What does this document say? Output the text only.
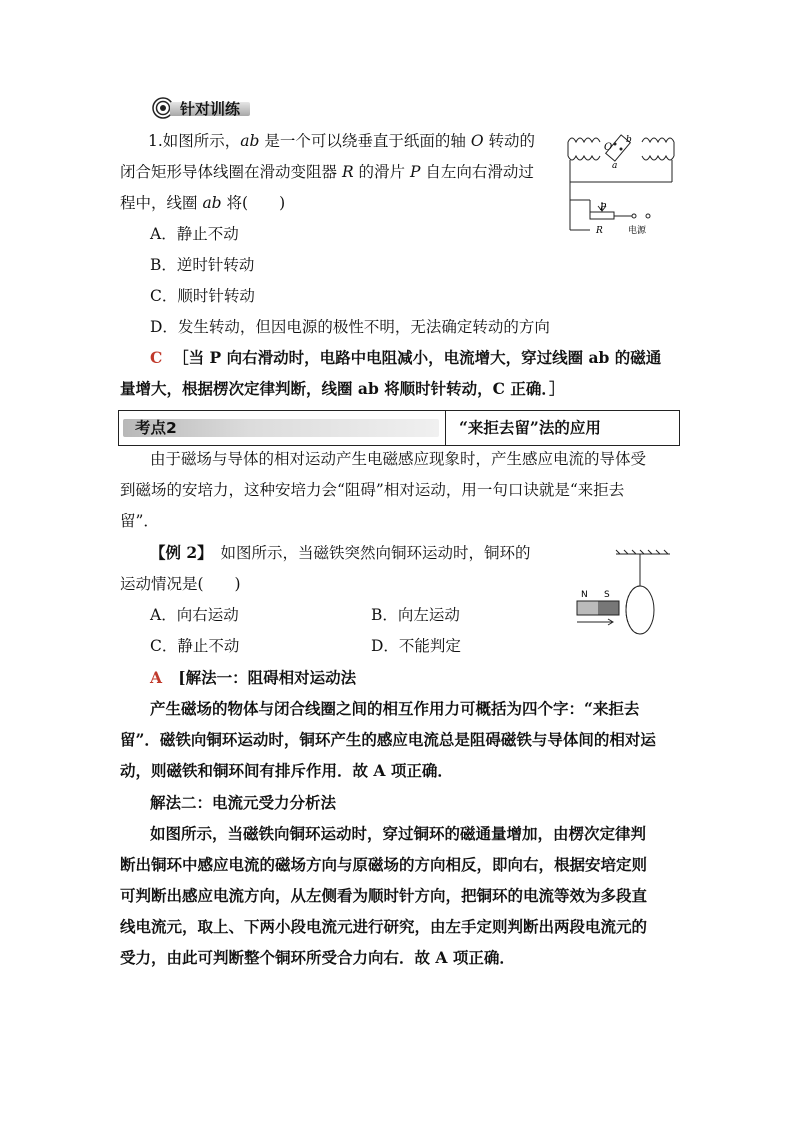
针对训练
1.如图所示，ab 是一个可以绕垂直于纸面的轴 O 转动的
闭合矩形导体线圈在滑动变阻器 R 的滑片 P 自左向右滑动过
程中，线圈 ab 将(　　)
O
b
a
P
R	电源
A．静止不动
B．逆时针转动
C．顺时针转动
D．发生转动，但因电源的极性不明，无法确定转动的方向
C ［当 P 向右滑动时，电路中电阻减小，电流增大，穿过线圈 ab 的磁通
量增大，根据楞次定律判断，线圈 ab 将顺时针转动，C 正确．］
考点2	“来拒去留”法的应用
由于磁场与导体的相对运动产生电磁感应现象时，产生感应电流的导体受
到磁场的安培力，这种安培力会“阻碍”相对运动，用一句口诀就是“来拒去
留”．
【例 2】　如图所示，当磁铁突然向铜环运动时，铜环的
运动情况是(　　)
N S
A．向右运动	B．向左运动
C．静止不动	D．不能判定
A [解法一：阻碍相对运动法
产生磁场的物体与闭合线圈之间的相互作用力可概括为四个字：“来拒去
留”．磁铁向铜环运动时，铜环产生的感应电流总是阻碍磁铁与导体间的相对运
动，则磁铁和铜环间有排斥作用．故 A 项正确．
解法二：电流元受力分析法
如图所示，当磁铁向铜环运动时，穿过铜环的磁通量增加，由楞次定律判
断出铜环中感应电流的磁场方向与原磁场的方向相反，即向右，根据安培定则
可判断出感应电流方向，从左侧看为顺时针方向，把铜环的电流等效为多段直
线电流元，取上、下两小段电流元进行研究，由左手定则判断出两段电流元的
受力，由此可判断整个铜环所受合力向右．故 A 项正确．
